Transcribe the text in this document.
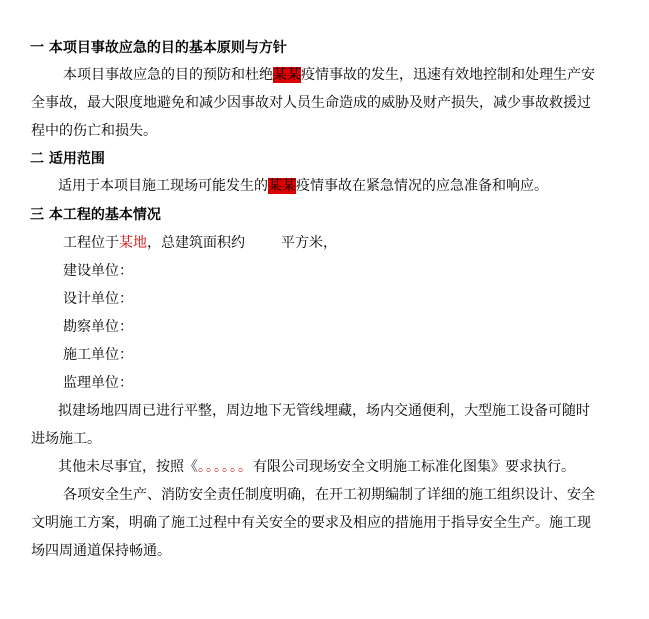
一 本项目事故应急的目的基本原则与方针
本项目事故应急的目的预防和杜绝某某疫情事故的发生，迅速有效地控制和处理生产安
全事故，最大限度地避免和减少因事故对人员生命造成的威胁及财产损失，减少事故救援过
程中的伤亡和损失。
二 适用范围
适用于本项目施工现场可能发生的某某疫情事故在紧急情况的应急准备和响应。
三 本工程的基本情况
工程位于某地，总建筑面积约	平方米，
建设单位：
设计单位：
勘察单位：
施工单位：
监理单位：
拟建场地四周已进行平整，周边地下无管线埋藏，场内交通便利，大型施工设备可随时
进场施工。
其他未尽事宜，按照《。。。。。。有限公司现场安全文明施工标准化图集》要求执行。
各项安全生产、消防安全责任制度明确，在开工初期编制了详细的施工组织设计、安全
文明施工方案，明确了施工过程中有关安全的要求及相应的措施用于指导安全生产。施工现
场四周通道保持畅通。
